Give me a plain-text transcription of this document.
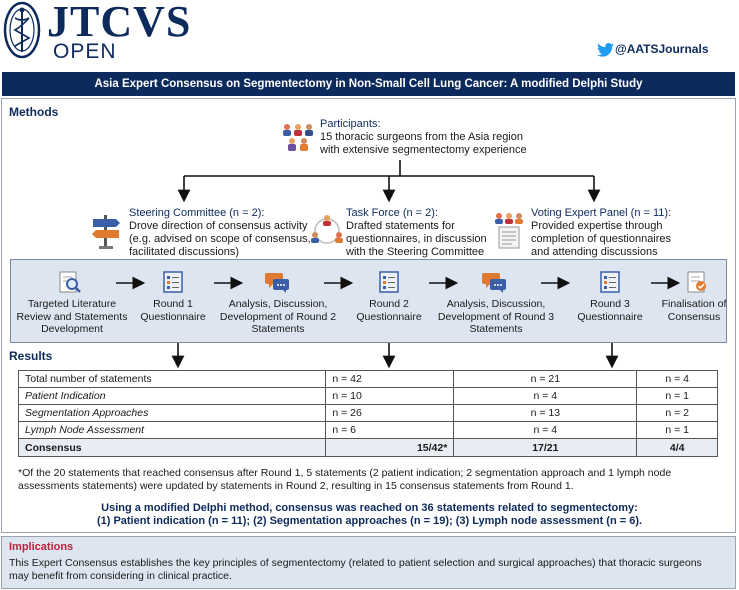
JTCVS
OPEN	@AATSJournals
Asia Expert Consensus on Segmentectomy in Non-Small Cell Lung Cancer: A modified Delphi Study
Methods
Participants:
15 thoracic surgeons from the Asia region
with extensive segmentectomy experience
Steering Committee (n = 2):
Drove direction of consensus activity
(e.g. advised on scope of consensus,
facilitated discussions)
Task Force (n = 2):
Drafted statements for
questionnaires, in discussion
with the Steering Committee
Voting Expert Panel (n = 11):
Provided expertise through
completion of questionnaires
and attending discussions
Targeted Literature
Review and Statements
Development
Round 1
Questionnaire
Analysis, Discussion,
Development of Round 2
Statements
Round 2
Questionnaire
Analysis, Discussion,
Development of Round 3
Statements
Round 3
Questionnaire
Finalisation of
Consensus
Results
Total number of statements	n = 42	n = 21	n = 4
Patient Indication	n = 10	n = 4	n = 1
Segmentation Approaches	n = 26	n = 13	n = 2
Lymph Node Assessment	n = 6	n = 4	n = 1
Consensus	15/42*	17/21	4/4
*Of the 20 statements that reached consensus after Round 1, 5 statements (2 patient indication; 2 segmentation approach and 1 lymph node
assessments statements) were updated by statements in Round 2, resulting in 15 consensus statements from Round 1.
Using a modified Delphi method, consensus was reached on 36 statements related to segmentectomy:
(1) Patient indication (n = 11); (2) Segmentation approaches (n = 19); (3) Lymph node assessment (n = 6).
Implications
This Expert Consensus establishes the key principles of segmentectomy (related to patient selection and surgical approaches) that thoracic surgeons
may benefit from considering in clinical practice.
